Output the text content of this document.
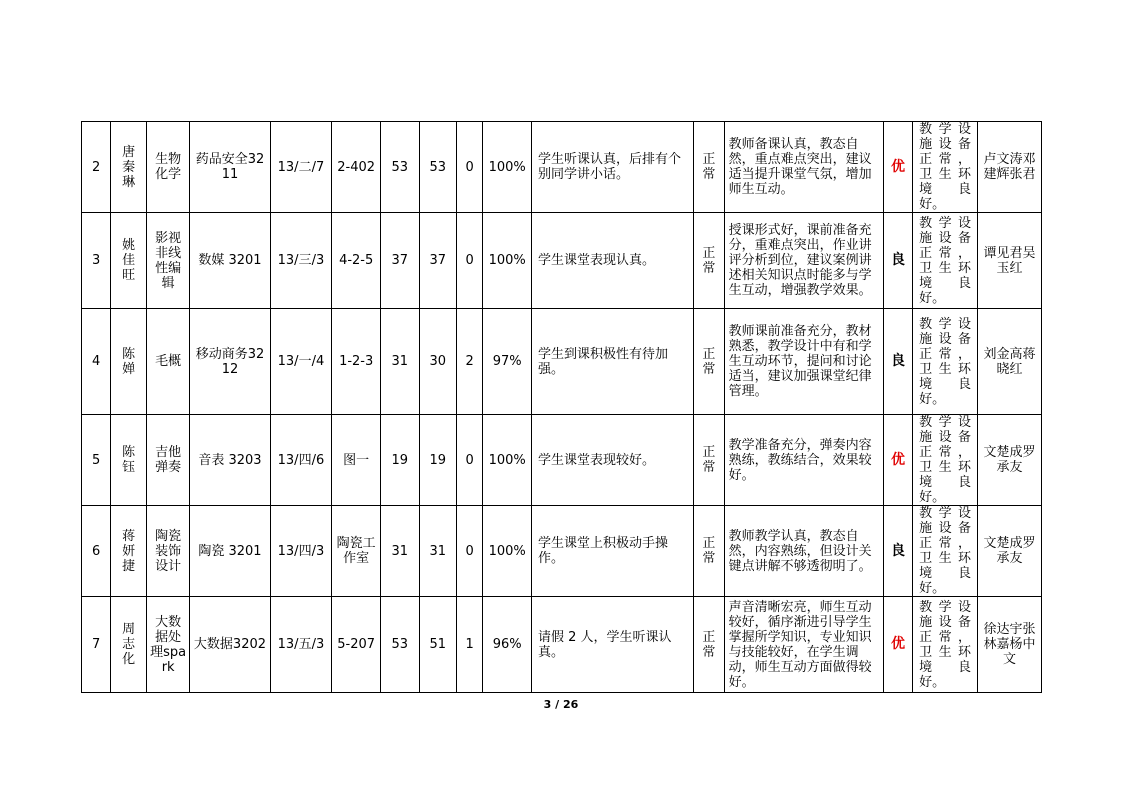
2	唐秦琳	生物化学	药品安全3211	13/二/7	2-402	53	53	0	100%	学生听课认真，后排有个别同学讲小话。	正常	教师备课认真，教态自然，重点难点突出，建议适当提升课堂气氛，增加师生互动。	优	教学设施设备正常，卫生环境良好。	卢文涛邓建辉张君
3	姚佳旺	影视非线性编辑	数媒 3201	13/三/3	4-2-5	37	37	0	100%	学生课堂表现认真。	正常	授课形式好，课前准备充分，重难点突出，作业讲评分析到位，建议案例讲述相关知识点时能多与学生互动，增强教学效果。	良	教学设施设备正常，卫生环境良好。	谭见君吴玉红
4	陈婵	毛概	移动商务3212	13/一/4	1-2-3	31	30	2	97%	学生到课积极性有待加强。	正常	教师课前准备充分，教材熟悉，教学设计中有和学生互动环节，提问和讨论适当，建议加强课堂纪律管理。	良	教学设施设备正常，卫生环境良好。	刘金高蒋晓红
5	陈钰	吉他弹奏	音表 3203	13/四/6	图一	19	19	0	100%	学生课堂表现较好。	正常	教学准备充分，弹奏内容熟练，教练结合，效果较好。	优	教学设施设备正常，卫生环境良好。	文楚成罗承友
6	蒋妍捷	陶瓷装饰设计	陶瓷 3201	13/四/3	陶瓷工作室	31	31	0	100%	学生课堂上积极动手操作。	正常	教师教学认真，教态自然，内容熟练，但设计关键点讲解不够透彻明了。	良	教学设施设备正常，卫生环境良好。	文楚成罗承友
7	周志化	大数据处理spark	大数据3202	13/五/3	5-207	53	51	1	96%	请假 2 人，学生听课认真。	正常	声音清晰宏亮，师生互动较好，循序渐进引导学生掌握所学知识，专业知识与技能较好，在学生调动，师生互动方面做得较好。	优	教学设施设备正常，卫生环境良好。	徐达宇张林嘉杨中文
3 / 26
